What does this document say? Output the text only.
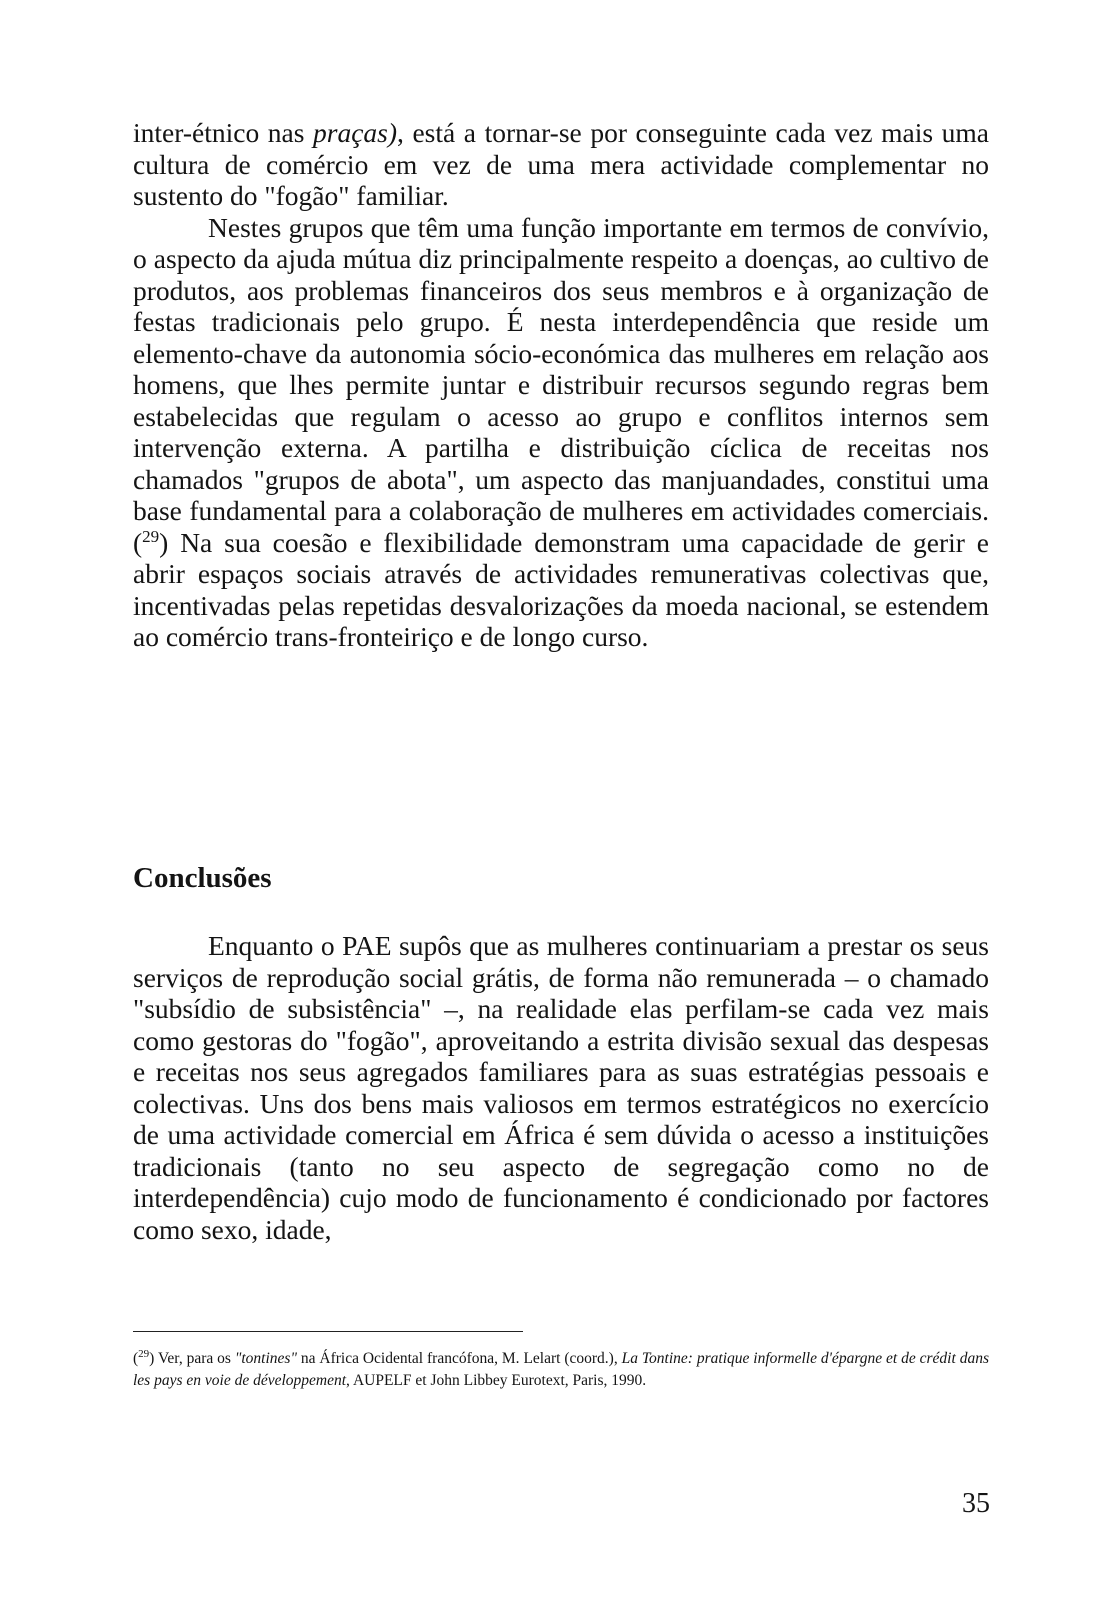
inter-étnico nas praças), está a tornar-se por conseguinte cada vez mais uma cultura de comércio em vez de uma mera actividade complementar no sustento do "fogão" familiar.

Nestes grupos que têm uma função importante em termos de convívio, o aspecto da ajuda mútua diz principalmente respeito a doenças, ao cultivo de produtos, aos problemas financeiros dos seus membros e à organização de festas tradicionais pelo grupo. É nesta interdependência que reside um elemento-chave da autonomia sócio-económica das mulheres em relação aos homens, que lhes permite juntar e distribuir recursos segundo regras bem estabelecidas que regulam o acesso ao grupo e conflitos internos sem intervenção externa. A partilha e distribuição cíclica de receitas nos chamados "grupos de abota", um aspecto das manjuandades, constitui uma base fundamental para a colaboração de mulheres em actividades comerciais.($^{29}$) Na sua coesão e flexibilidade demonstram uma capacidade de gerir e abrir espaços sociais através de actividades remunerativas colectivas que, incentivadas pelas repetidas desvalorizações da moeda nacional, se estendem ao comércio trans-fronteiriço e de longo curso.

Conclusões

Enquanto o PAE supôs que as mulheres continuariam a prestar os seus serviços de reprodução social grátis, de forma não remunerada – o chamado "subsídio de subsistência" –, na realidade elas perfilam-se cada vez mais como gestoras do "fogão", aproveitando a estrita divisão sexual das despesas e receitas nos seus agregados familiares para as suas estratégias pessoais e colectivas. Uns dos bens mais valiosos em termos estratégicos no exercício de uma actividade comercial em África é sem dúvida o acesso a instituições tradicionais (tanto no seu aspecto de segregação como no de interdependência) cujo modo de funcionamento é condicionado por factores como sexo, idade,

($^{29}$) Ver, para os "tontines" na África Ocidental francófona, M. Lelart (coord.), La Tontine: pratique informelle d'épargne et de crédit dans les pays en voie de développement, AUPELF et John Libbey Eurotext, Paris, 1990.

35
